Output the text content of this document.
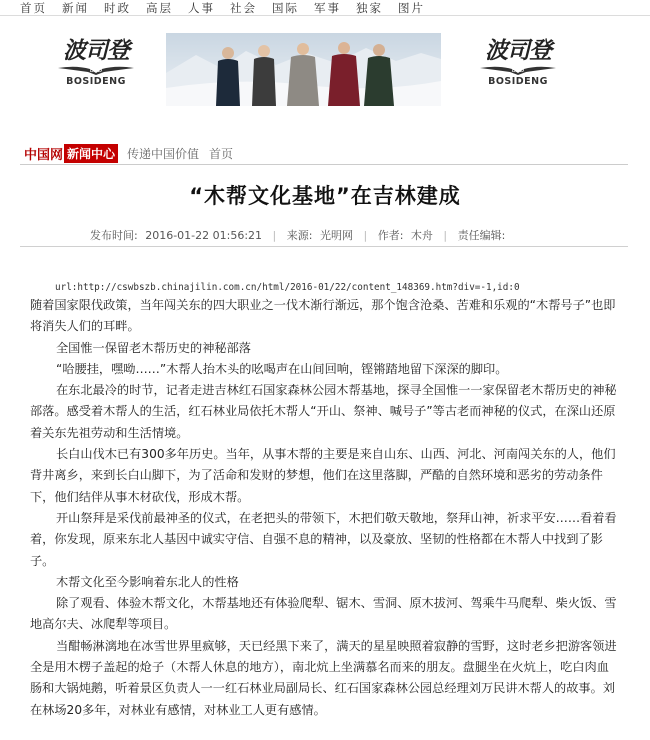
首页 新闻 时政 高层 人事 社会 国际 军事 独家 图片
波司登
BSD
BOSIDENG
波司登
BSD
BOSIDENG
中国网 新闻中心 传递中国价值 首页
“木帮文化基地”在吉林建成
发布时间: 2016-01-22 01:56:21 | 来源: 光明网 | 作者: 木舟 | 责任编辑:
url:http://cswbszb.chinajilin.com.cn/html/2016-01/22/content_148369.htm?div=-1,id:0

随着国家限伐政策，当年闯关东的四大职业之一伐木渐行渐远，那个饱含沧桑、苦难和乐观的“木帮号子”也即将消失人们的耳畔。

全国惟一保留老木帮历史的神秘部落

“哈腰挂，嘿呦……”木帮人抬木头的吆喝声在山间回响，铿锵踏地留下深深的脚印。

在东北最冷的时节，记者走进吉林红石国家森林公园木帮基地，探寻全国惟一一家保留老木帮历史的神秘部落。感受着木帮人的生活，红石林业局依托木帮人“开山、祭神、喊号子”等古老而神秘的仪式，在深山还原着关东先祖劳动和生活情境。

长白山伐木已有300多年历史。当年，从事木帮的主要是来自山东、山西、河北、河南闯关东的人，他们背井离乡，来到长白山脚下，为了活命和发财的梦想，他们在这里落脚，严酷的自然环境和恶劣的劳动条件下，他们结伴从事木材砍伐，形成木帮。

开山祭拜是采伐前最神圣的仪式，在老把头的带领下，木把们敬天敬地，祭拜山神，祈求平安……看着看着，你发现，原来东北人基因中诚实守信、自强不息的精神，以及豪放、坚韧的性格都在木帮人中找到了影子。

木帮文化至今影响着东北人的性格

除了观看、体验木帮文化，木帮基地还有体验爬犁、锯木、雪洞、原木拔河、驾乘牛马爬犁、柴火饭、雪地高尔夫、冰爬犁等项目。

当酣畅淋漓地在冰雪世界里疯够，天已经黑下来了，满天的星星映照着寂静的雪野，这时老乡把游客领进全是用木楞子盖起的炝子（木帮人休息的地方），南北炕上坐满慕名而来的朋友。盘腿坐在火炕上，吃白肉血肠和大锅炖鹅，听着景区负责人一一红石林业局副局长、红石国家森林公园总经理刘万民讲木帮人的故事。刘在林场20多年，对林业有感情，对林业工人更有感情。
